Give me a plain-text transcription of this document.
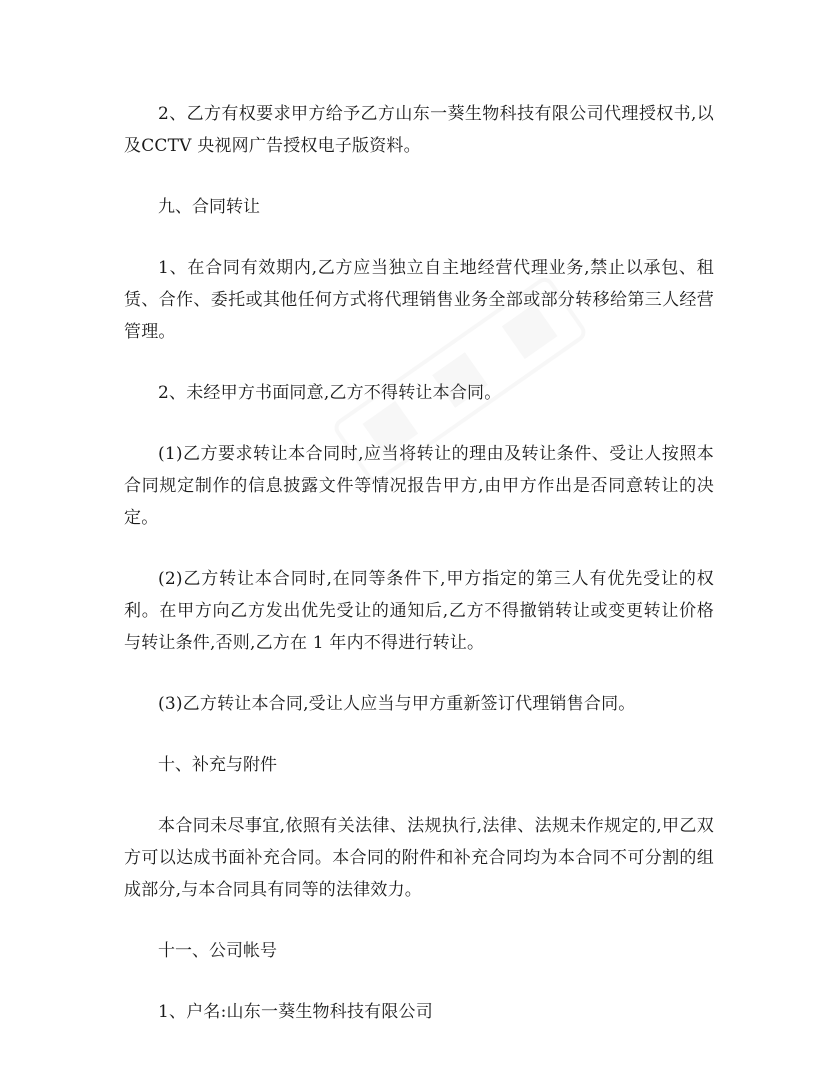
2、乙方有权要求甲方给予乙方山东一葵生物科技有限公司代理授权书,以及CCTV 央视网广告授权电子版资料。

九、合同转让

1、在合同有效期内,乙方应当独立自主地经营代理业务,禁止以承包、租赁、合作、委托或其他任何方式将代理销售业务全部或部分转移给第三人经营管理。

2、未经甲方书面同意,乙方不得转让本合同。

(1)乙方要求转让本合同时,应当将转让的理由及转让条件、受让人按照本合同规定制作的信息披露文件等情况报告甲方,由甲方作出是否同意转让的决定。

(2)乙方转让本合同时,在同等条件下,甲方指定的第三人有优先受让的权利。在甲方向乙方发出优先受让的通知后,乙方不得撤销转让或变更转让价格与转让条件,否则,乙方在 1 年内不得进行转让。

(3)乙方转让本合同,受让人应当与甲方重新签订代理销售合同。

十、补充与附件

本合同未尽事宜,依照有关法律、法规执行,法律、法规未作规定的,甲乙双方可以达成书面补充合同。本合同的附件和补充合同均为本合同不可分割的组成部分,与本合同具有同等的法律效力。

十一、公司帐号

1、户名:山东一葵生物科技有限公司
